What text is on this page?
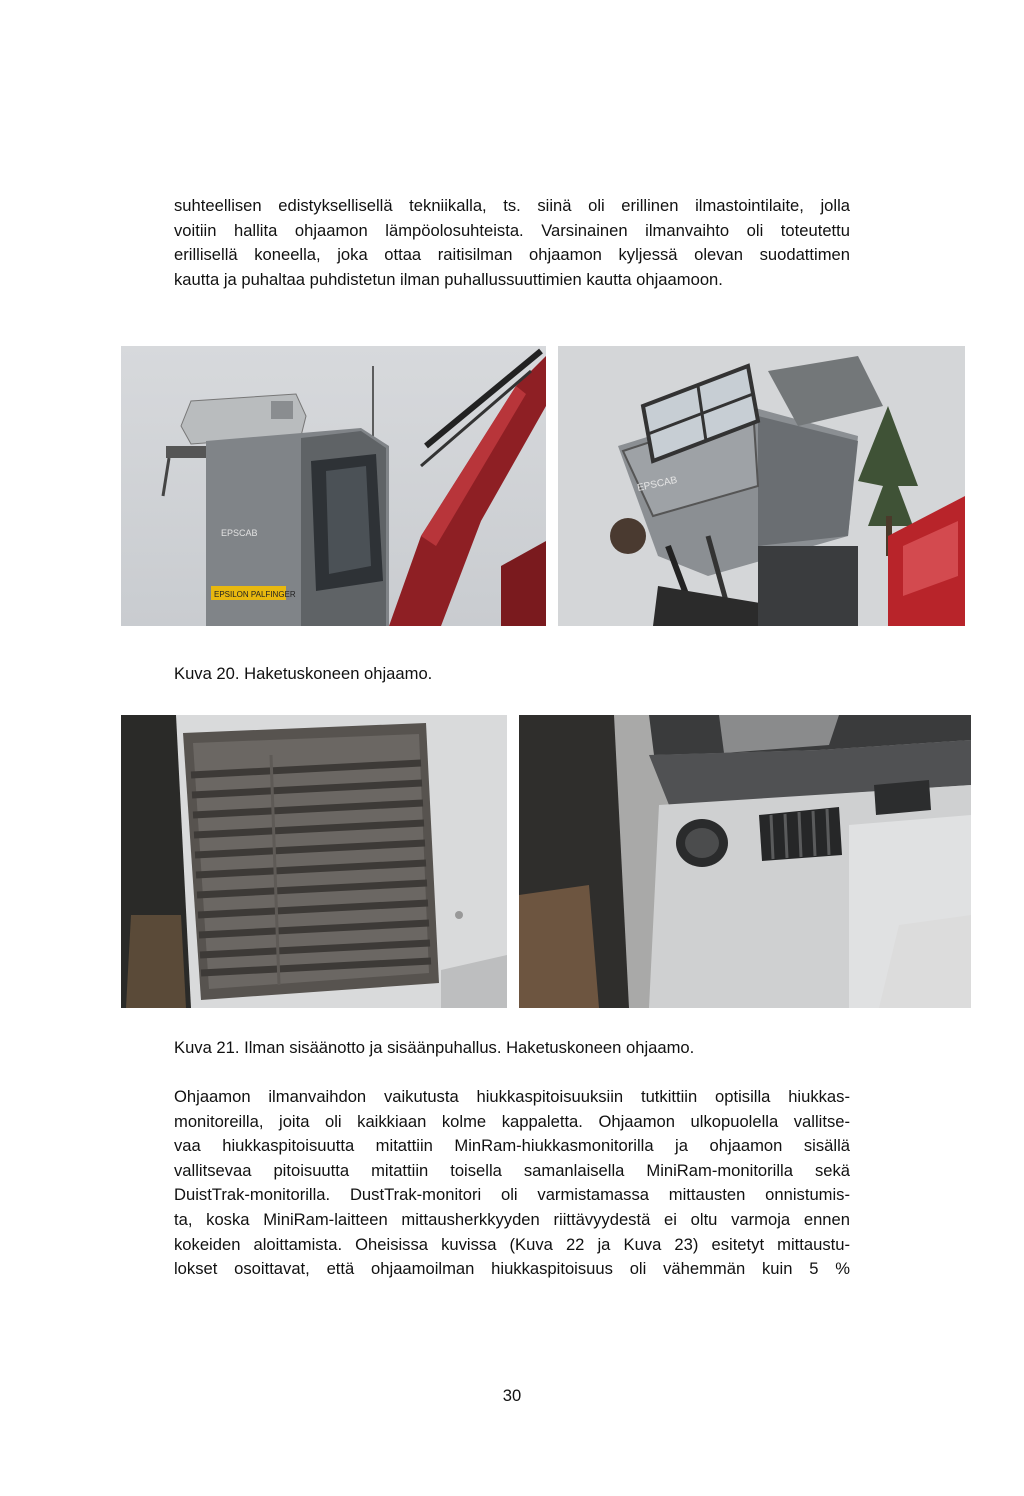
suhteellisen edistyksellisellä tekniikalla, ts. siinä oli erillinen ilmastointilaite, jolla
voitiin hallita ohjaamon lämpöolosuhteista. Varsinainen ilmanvaihto oli toteutettu
erillisellä koneella, joka ottaa raitisilman ohjaamon kyljessä olevan suodattimen
kautta ja puhaltaa puhdistetun ilman puhallussuuttimien kautta ohjaamoon.
EPSCAB
EPSILON PALFINGER
EPSCAB

Kuva 20. Haketuskoneen ohjaamo.

Kuva 21. Ilman sisäänotto ja sisäänpuhallus. Haketuskoneen ohjaamo.

Ohjaamon ilmanvaihdon vaikutusta hiukkaspitoisuuksiin tutkittiin optisilla hiukkas-
monitoreilla, joita oli kaikkiaan kolme kappaletta. Ohjaamon ulkopuolella vallitse-
vaa hiukkaspitoisuutta mitattiin MinRam-hiukkasmonitorilla ja ohjaamon sisällä
vallitsevaa pitoisuutta mitattiin toisella samanlaisella MiniRam-monitorilla sekä
DuistTrak-monitorilla. DustTrak-monitori oli varmistamassa mittausten onnistumis-
ta, koska MiniRam-laitteen mittausherkkyyden riittävyydestä ei oltu varmoja ennen
kokeiden aloittamista. Oheisissa kuvissa (Kuva 22 ja Kuva 23) esitetyt mittaustu-
lokset osoittavat, että ohjaamoilman hiukkaspitoisuus oli vähemmän kuin 5 %
30
